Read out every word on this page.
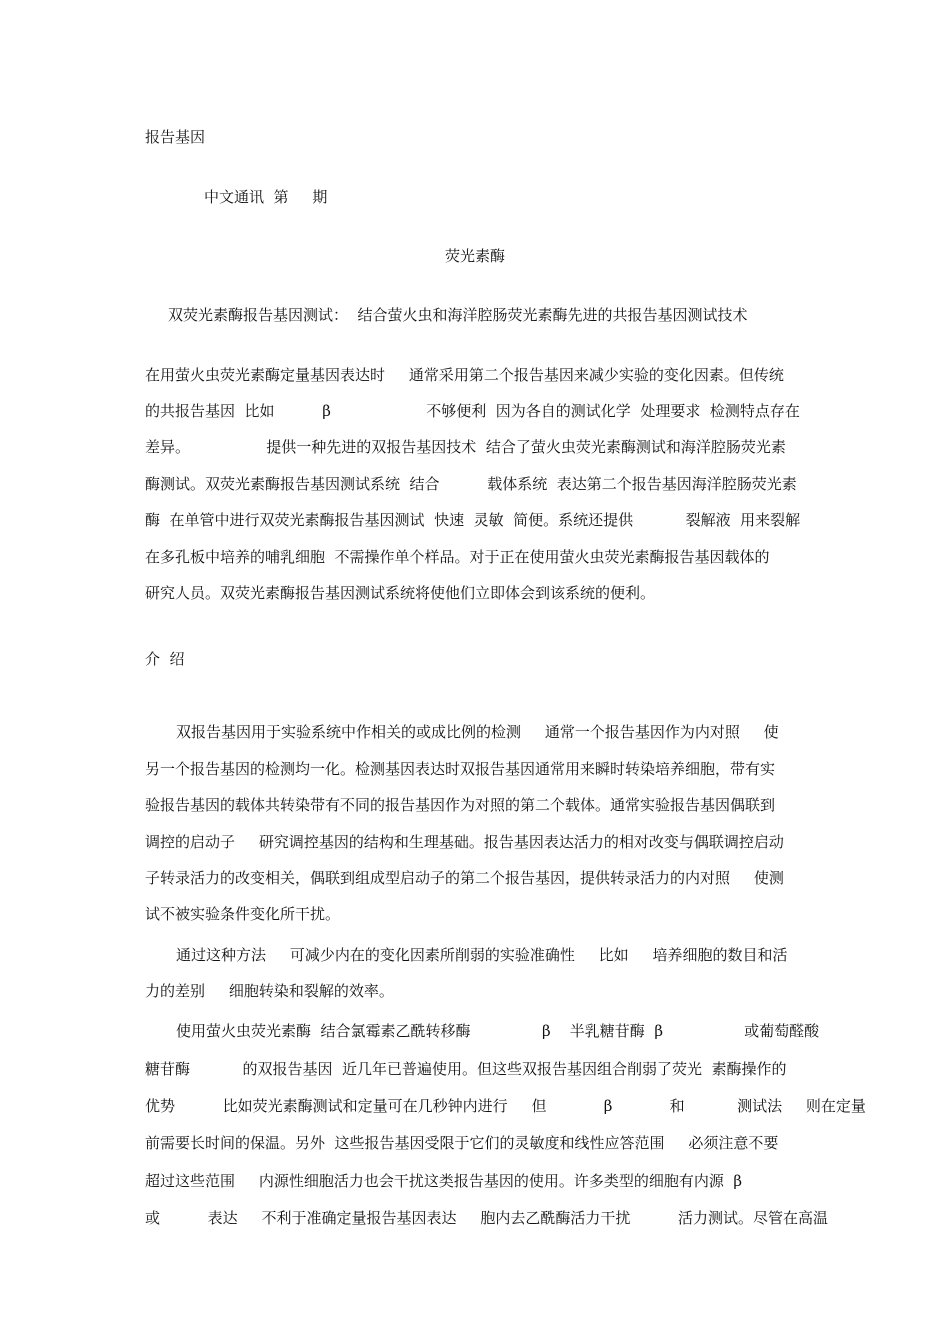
报告基因
中文通讯  第     期
荧光素酶
双荧光素酶报告基因测试：  结合萤火虫和海洋腔肠荧光素酶先进的共报告基因测试技术
在用萤火虫荧光素酶定量基因表达时     通常采用第二个报告基因来减少实验的变化因素。但传统
的共报告基因  比如          β                    不够便利  因为各自的测试化学  处理要求  检测特点存在
差异。                提供一种先进的双报告基因技术  结合了萤火虫荧光素酶测试和海洋腔肠荧光素
酶测试。双荧光素酶报告基因测试系统  结合          载体系统  表达第二个报告基因海洋腔肠荧光素
酶  在单管中进行双荧光素酶报告基因测试  快速  灵敏  简便。系统还提供           裂解液  用来裂解
在多孔板中培养的哺乳细胞  不需操作单个样品。对于正在使用萤火虫荧光素酶报告基因载体的
研究人员。双荧光素酶报告基因测试系统将使他们立即体会到该系统的便利。
介  绍
双报告基因用于实验系统中作相关的或成比例的检测     通常一个报告基因作为内对照     使
另一个报告基因的检测均一化。检测基因表达时双报告基因通常用来瞬时转染培养细胞，带有实
验报告基因的载体共转染带有不同的报告基因作为对照的第二个载体。通常实验报告基因偶联到
调控的启动子     研究调控基因的结构和生理基础。报告基因表达活力的相对改变与偶联调控启动
子转录活力的改变相关，偶联到组成型启动子的第二个报告基因，提供转录活力的内对照     使测
试不被实验条件变化所干扰。
通过这种方法     可减少内在的变化因素所削弱的实验准确性     比如     培养细胞的数目和活
力的差别     细胞转染和裂解的效率。
使用萤火虫荧光素酶  结合氯霉素乙酰转移酶               β    半乳糖苷酶  β                 或葡萄醛酸
糖苷酶           的双报告基因  近几年已普遍使用。但这些双报告基因组合削弱了荧光  素酶操作的
优势          比如荧光素酶测试和定量可在几秒钟内进行     但            β            和           测试法     则在定量
前需要长时间的保温。另外  这些报告基因受限于它们的灵敏度和线性应答范围     必须注意不要
超过这些范围     内源性细胞活力也会干扰这类报告基因的使用。许多类型的细胞有内源  β
或          表达     不利于准确定量报告基因表达     胞内去乙酰酶活力干扰          活力测试。尽管在高温
